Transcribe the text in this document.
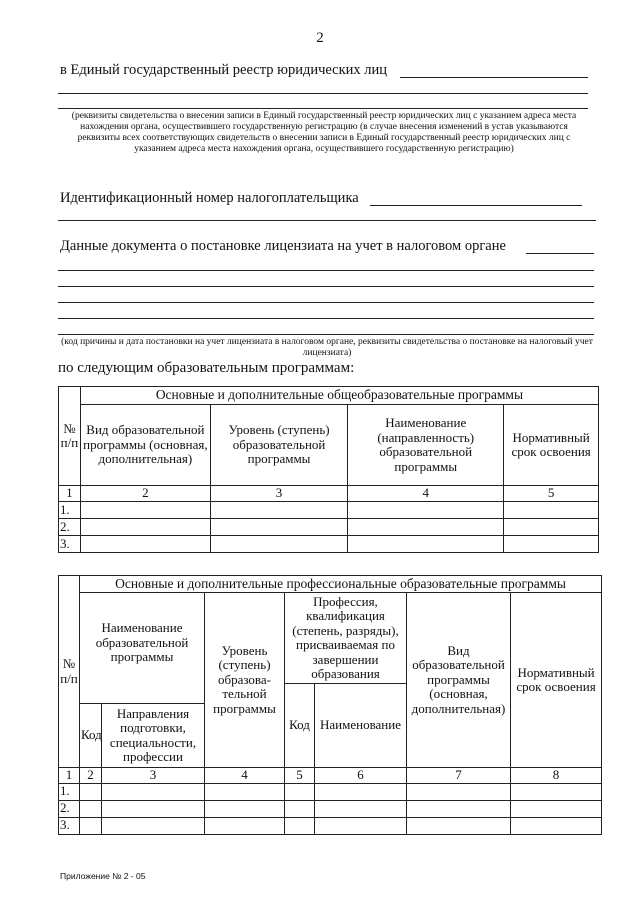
2
в Единый государственный реестр юридических лиц
(реквизиты свидетельства о внесении записи в Единый государственный реестр юридических лиц с указанием адреса места нахождения органа, осуществившего государственную регистрацию (в случае внесения изменений в устав указываются реквизиты всех соответствующих свидетельств о внесении записи в Единый государственный реестр юридических лиц с указанием адреса места нахождения органа, осуществившего государственную регистрацию)
Идентификационный номер налогоплательщика
Данные документа о постановке лицензиата на учет в налоговом органе
(код причины и дата постановки на учет лицензиата в налоговом органе, реквизиты свидетельства о постановке на налоговый учет лицензиата)
по следующим образовательным программам:
№ п/п	Основные и дополнительные общеобразовательные программы			
	Вид образовательной программы (основная, дополнительная)	Уровень (ступень) образовательной программы	Наименование (направленность) образовательной программы	Нормативный срок освоения
1	2	3	4	5
1.				
2.				
3.				
№ п/п	Основные и дополнительные профессиональные образовательные программы						
	Наименование образовательной программы		Уровень (ступень) образова-тельной программы	Профессия, квалификация (степень, разряды), присваиваемая по завершении образования		Вид образовательной программы (основная, дополнительная)	Нормативный срок освоения
				Код	Наименование		
	Код	Направления подготовки, специальности, профессии					
1	2	3	4	5	6	7	8
1.							
2.							
3.							
Приложение № 2 - 05
